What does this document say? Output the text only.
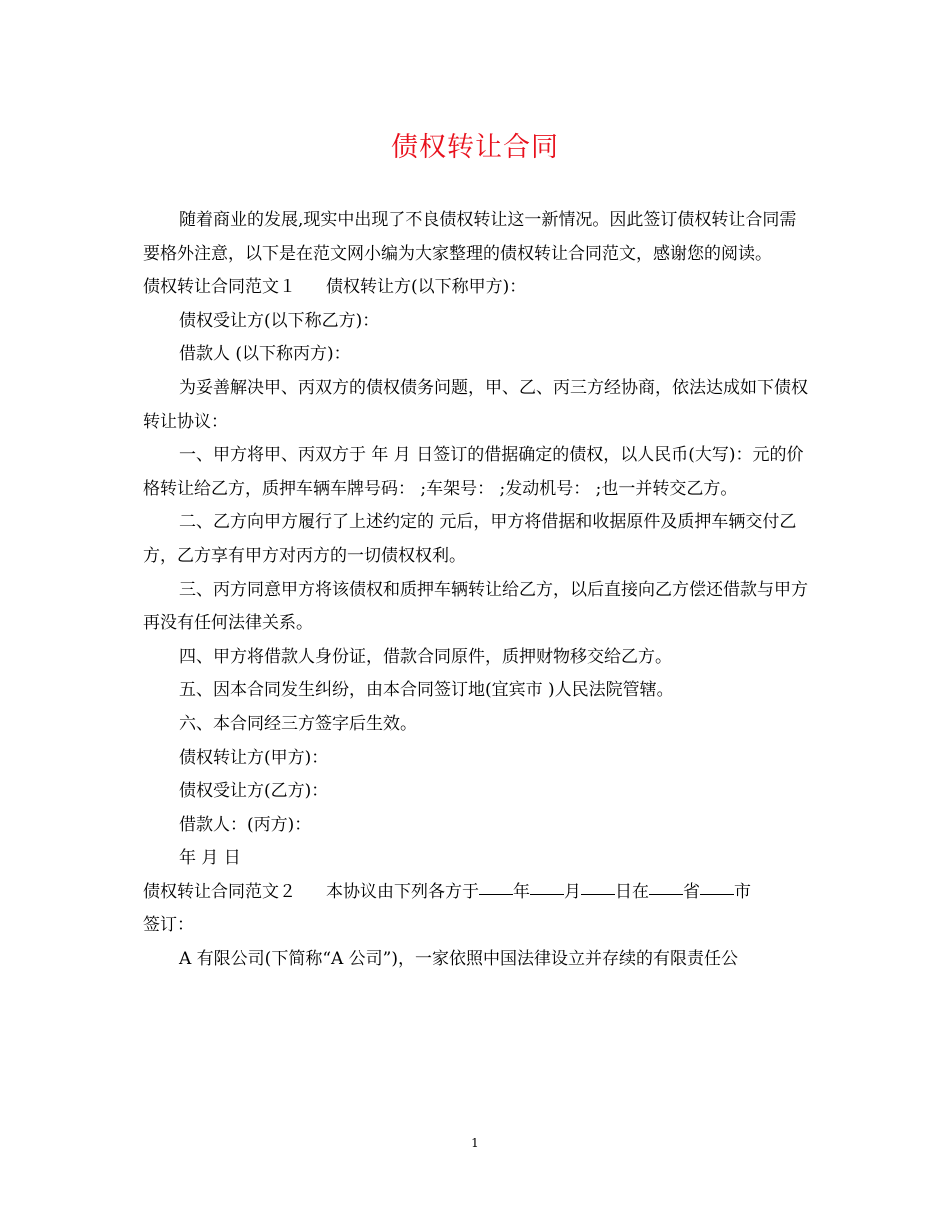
债权转让合同

随着商业的发展,现实中出现了不良债权转让这一新情况。因此签订债权转让合同需要格外注意，以下是在范文网小编为大家整理的债权转让合同范文，感谢您的阅读。

债权转让合同范文１ 债权转让方(以下称甲方)：

债权受让方(以下称乙方)：

借款人 (以下称丙方)：

为妥善解决甲、丙双方的债权债务问题，甲、乙、丙三方经协商，依法达成如下债权转让协议：

一、甲方将甲、丙双方于 年 月 日签订的借据确定的债权，以人民币(大写)：元的价格转让给乙方，质押车辆车牌号码： ;车架号： ;发动机号： ;也一并转交乙方。

二、乙方向甲方履行了上述约定的 元后，甲方将借据和收据原件及质押车辆交付乙方，乙方享有甲方对丙方的一切债权权利。

三、丙方同意甲方将该债权和质押车辆转让给乙方，以后直接向乙方偿还借款与甲方再没有任何法律关系。

四、甲方将借款人身份证，借款合同原件，质押财物移交给乙方。

五、因本合同发生纠纷，由本合同签订地(宜宾市 )人民法院管辖。

六、本合同经三方签字后生效。

债权转让方(甲方)：

债权受让方(乙方)：

借款人：(丙方)：

年 月 日

债权转让合同范文２ 本协议由下列各方于 年 月 日在 省 市
签订：

A 有限公司(下简称“A 公司”)，一家依照中国法律设立并存续的有限责任公

1
